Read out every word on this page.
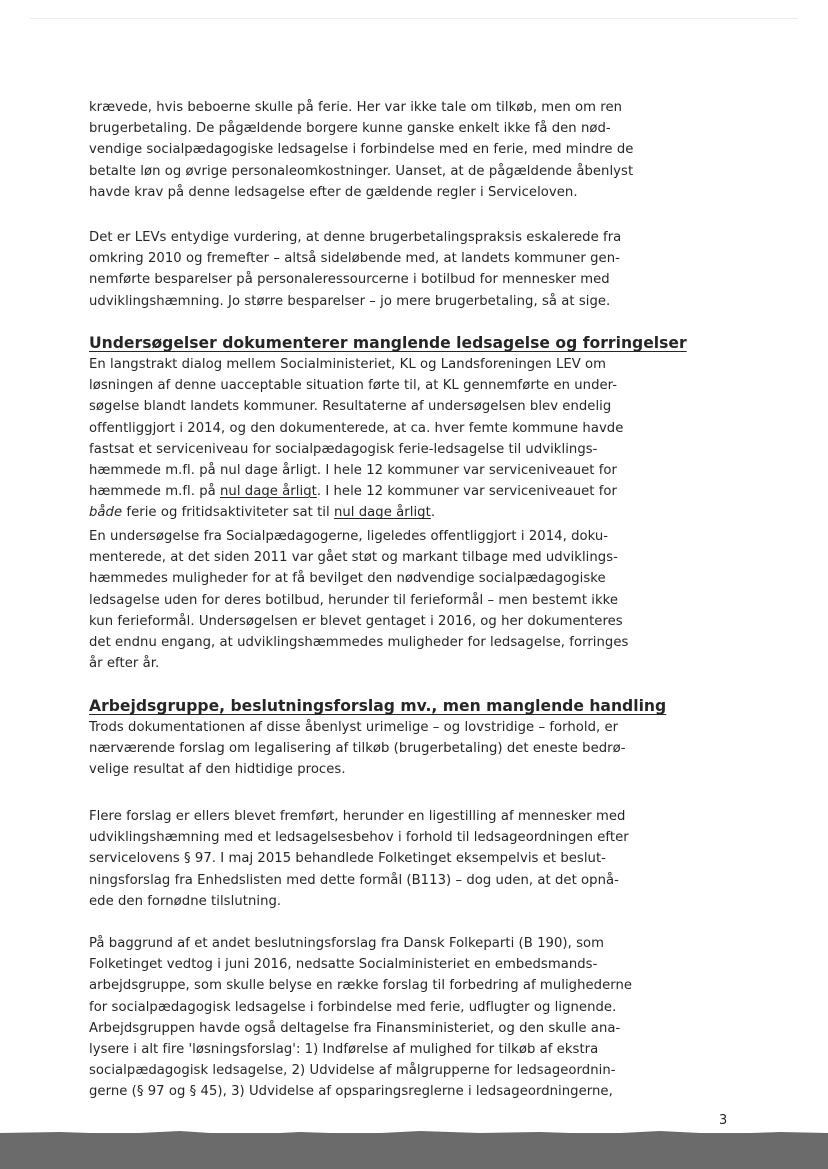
krævede, hvis beboerne skulle på ferie. Her var ikke tale om tilkøb, men om ren
brugerbetaling. De pågældende borgere kunne ganske enkelt ikke få den nød-
vendige socialpædagogiske ledsagelse i forbindelse med en ferie, med mindre de
betalte løn og øvrige personaleomkostninger. Uanset, at de pågældende åbenlyst
havde krav på denne ledsagelse efter de gældende regler i Serviceloven.

Det er LEVs entydige vurdering, at denne brugerbetalingspraksis eskalerede fra
omkring 2010 og fremefter – altså sideløbende med, at landets kommuner gen-
nemførte besparelser på personaleressourcerne i botilbud for mennesker med
udviklingshæmning. Jo større besparelser – jo mere brugerbetaling, så at sige.

Undersøgelser dokumenterer manglende ledsagelse og forringelser

En langstrakt dialog mellem Socialministeriet, KL og Landsforeningen LEV om
løsningen af denne uacceptable situation førte til, at KL gennemførte en under-
søgelse blandt landets kommuner. Resultaterne af undersøgelsen blev endelig
offentliggjort i 2014, og den dokumenterede, at ca. hver femte kommune havde
fastsat et serviceniveau for socialpædagogisk ferie-ledsagelse til udviklings-
hæmmede m.fl. på nul dage årligt. I hele 12 kommuner var serviceniveauet for
hæmmede m.fl. på nul dage årligt. I hele 12 kommuner var serviceniveauet for
både ferie og fritidsaktiviteter sat til nul dage årligt.

En undersøgelse fra Socialpædagogerne, ligeledes offentliggjort i 2014, doku-
menterede, at det siden 2011 var gået støt og markant tilbage med udviklings-
hæmmedes muligheder for at få bevilget den nødvendige socialpædagogiske
ledsagelse uden for deres botilbud, herunder til ferieformål – men bestemt ikke
kun ferieformål. Undersøgelsen er blevet gentaget i 2016, og her dokumenteres
det endnu engang, at udviklingshæmmedes muligheder for ledsagelse, forringes
år efter år.

Arbejdsgruppe, beslutningsforslag mv., men manglende handling

Trods dokumentationen af disse åbenlyst urimelige – og lovstridige – forhold, er
nærværende forslag om legalisering af tilkøb (brugerbetaling) det eneste bedrø-
velige resultat af den hidtidige proces.

Flere forslag er ellers blevet fremført, herunder en ligestilling af mennesker med
udviklingshæmning med et ledsagelsesbehov i forhold til ledsageordningen efter
servicelovens § 97. I maj 2015 behandlede Folketinget eksempelvis et beslut-
ningsforslag fra Enhedslisten med dette formål (B113) – dog uden, at det opnå-
ede den fornødne tilslutning.

På baggrund af et andet beslutningsforslag fra Dansk Folkeparti (B 190), som
Folketinget vedtog i juni 2016, nedsatte Socialministeriet en embedsmands-
arbejdsgruppe, som skulle belyse en række forslag til forbedring af mulighederne
for socialpædagogisk ledsagelse i forbindelse med ferie, udflugter og lignende.
Arbejdsgruppen havde også deltagelse fra Finansministeriet, og den skulle ana-
lysere i alt fire 'løsningsforslag': 1) Indførelse af mulighed for tilkøb af ekstra
socialpædagogisk ledsagelse, 2) Udvidelse af målgrupperne for ledsageordnin-
gerne (§ 97 og § 45), 3) Udvidelse af opsparingsreglerne i ledsageordningerne,

3
